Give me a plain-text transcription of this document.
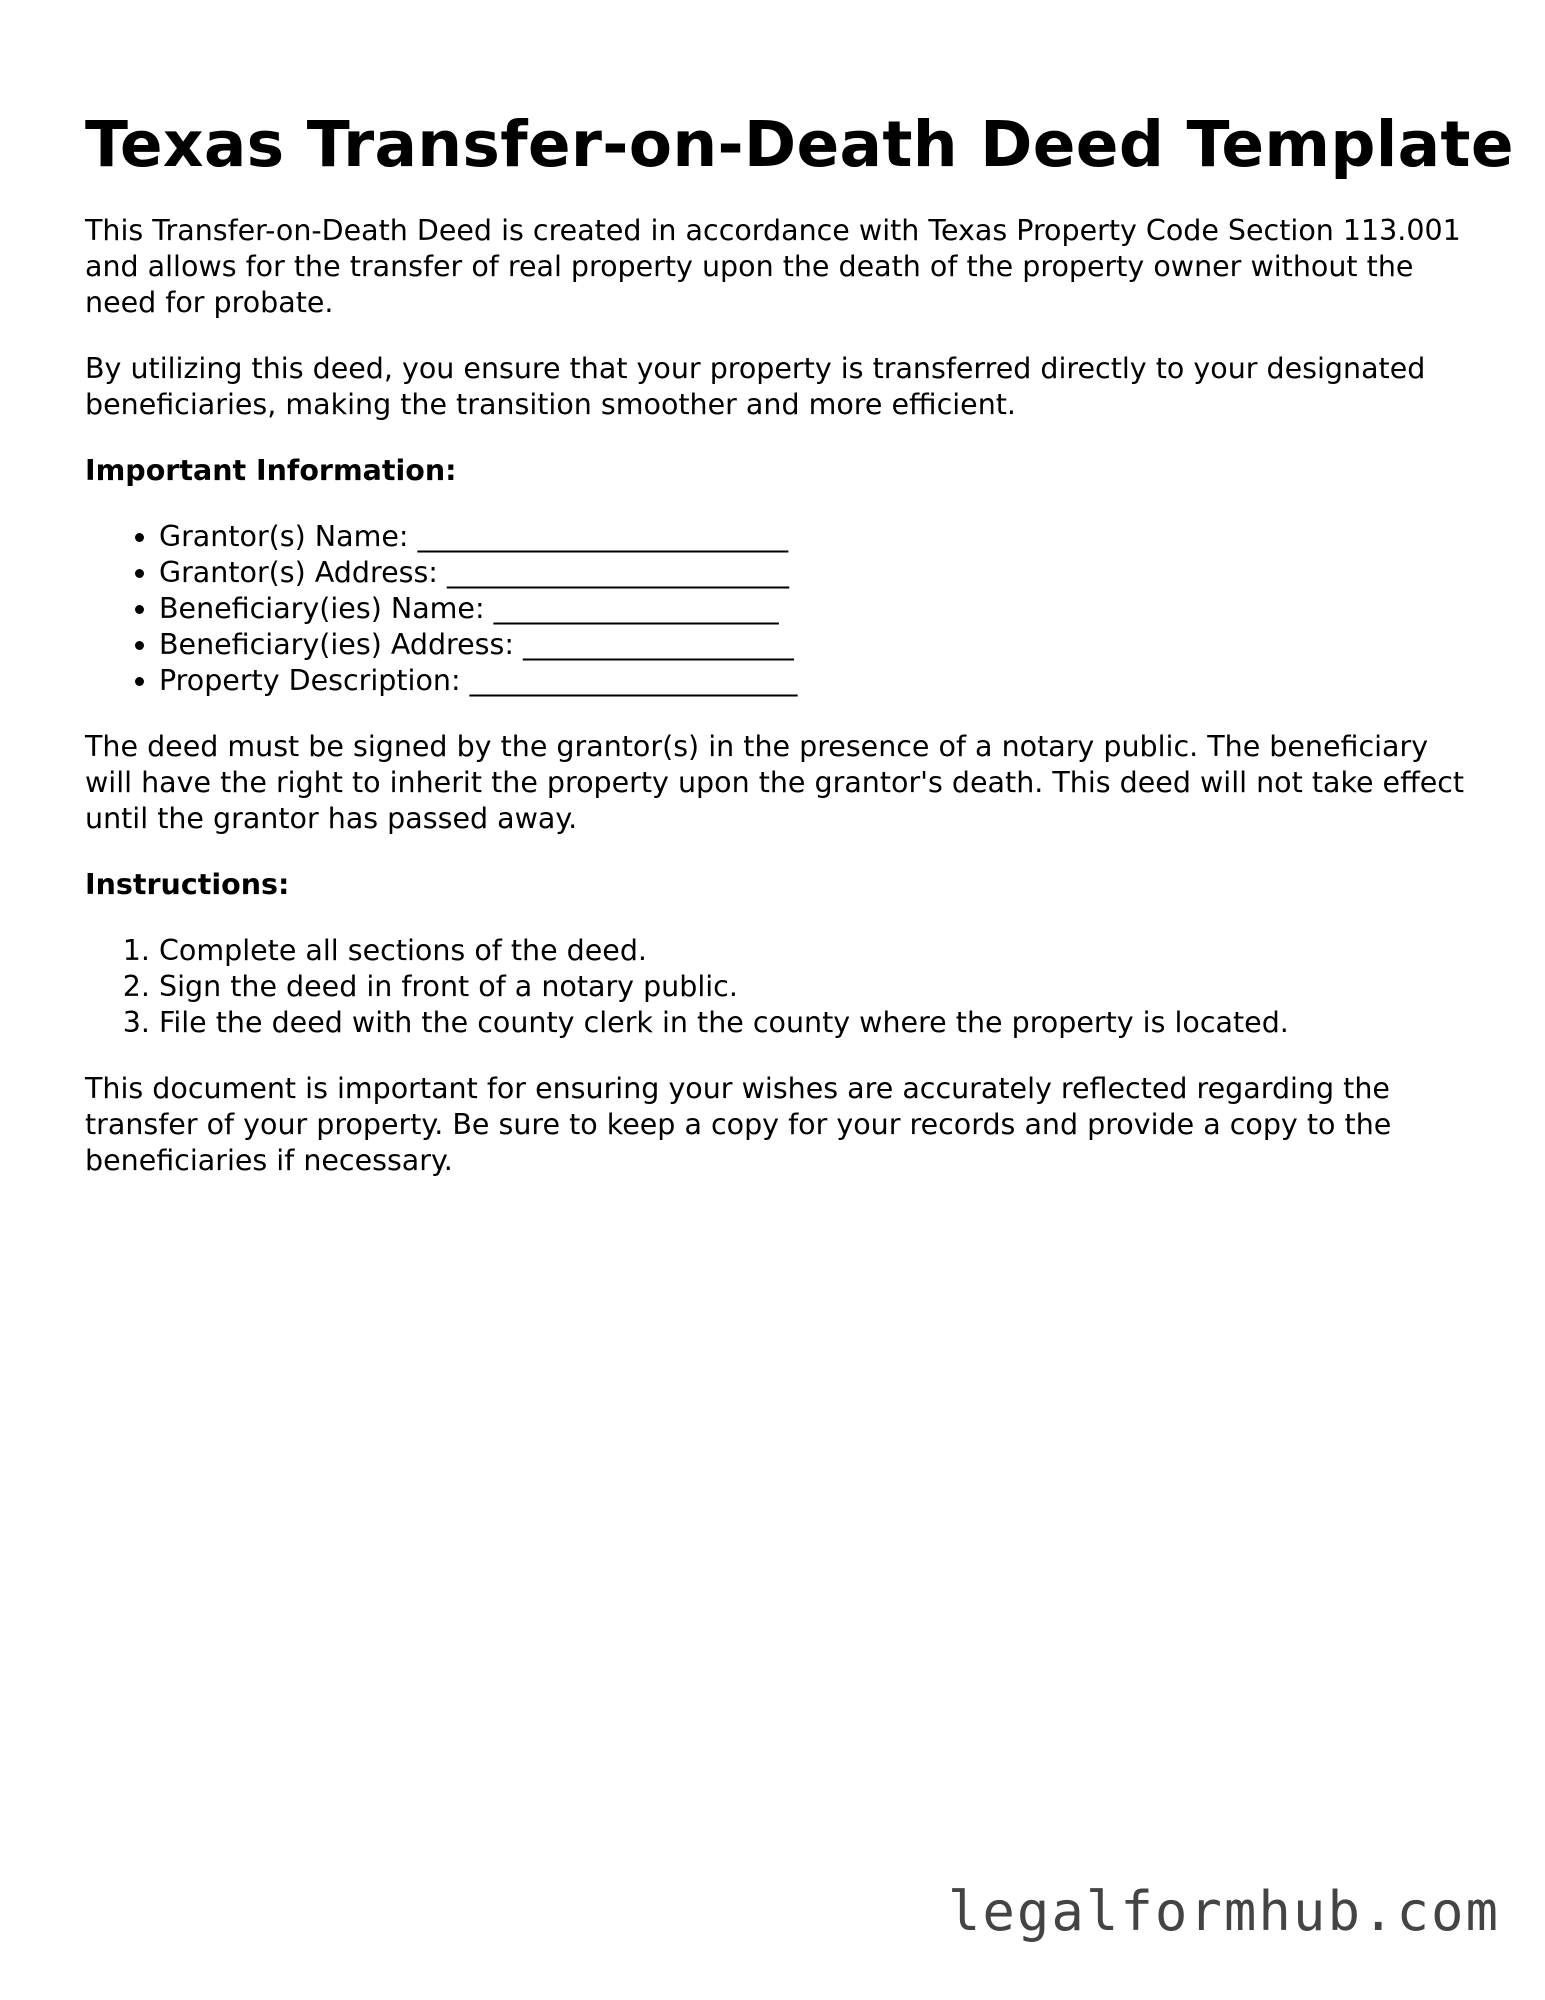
Texas Transfer-on-Death Deed Template

This Transfer-on-Death Deed is created in accordance with Texas Property Code Section 113.001 and allows for the transfer of real property upon the death of the property owner without the need for probate.

By utilizing this deed, you ensure that your property is transferred directly to your designated beneficiaries, making the transition smoother and more efficient.

Important Information:
• Grantor(s) Name: __________________________
• Grantor(s) Address: ________________________
• Beneficiary(ies) Name: ____________________
• Beneficiary(ies) Address: ___________________
• Property Description: _______________________

The deed must be signed by the grantor(s) in the presence of a notary public. The beneficiary will have the right to inherit the property upon the grantor's death. This deed will not take effect until the grantor has passed away.

Instructions:
1. Complete all sections of the deed.
2. Sign the deed in front of a notary public.
3. File the deed with the county clerk in the county where the property is located.

This document is important for ensuring your wishes are accurately reflected regarding the transfer of your property. Be sure to keep a copy for your records and provide a copy to the beneficiaries if necessary.

legalformhub.com
